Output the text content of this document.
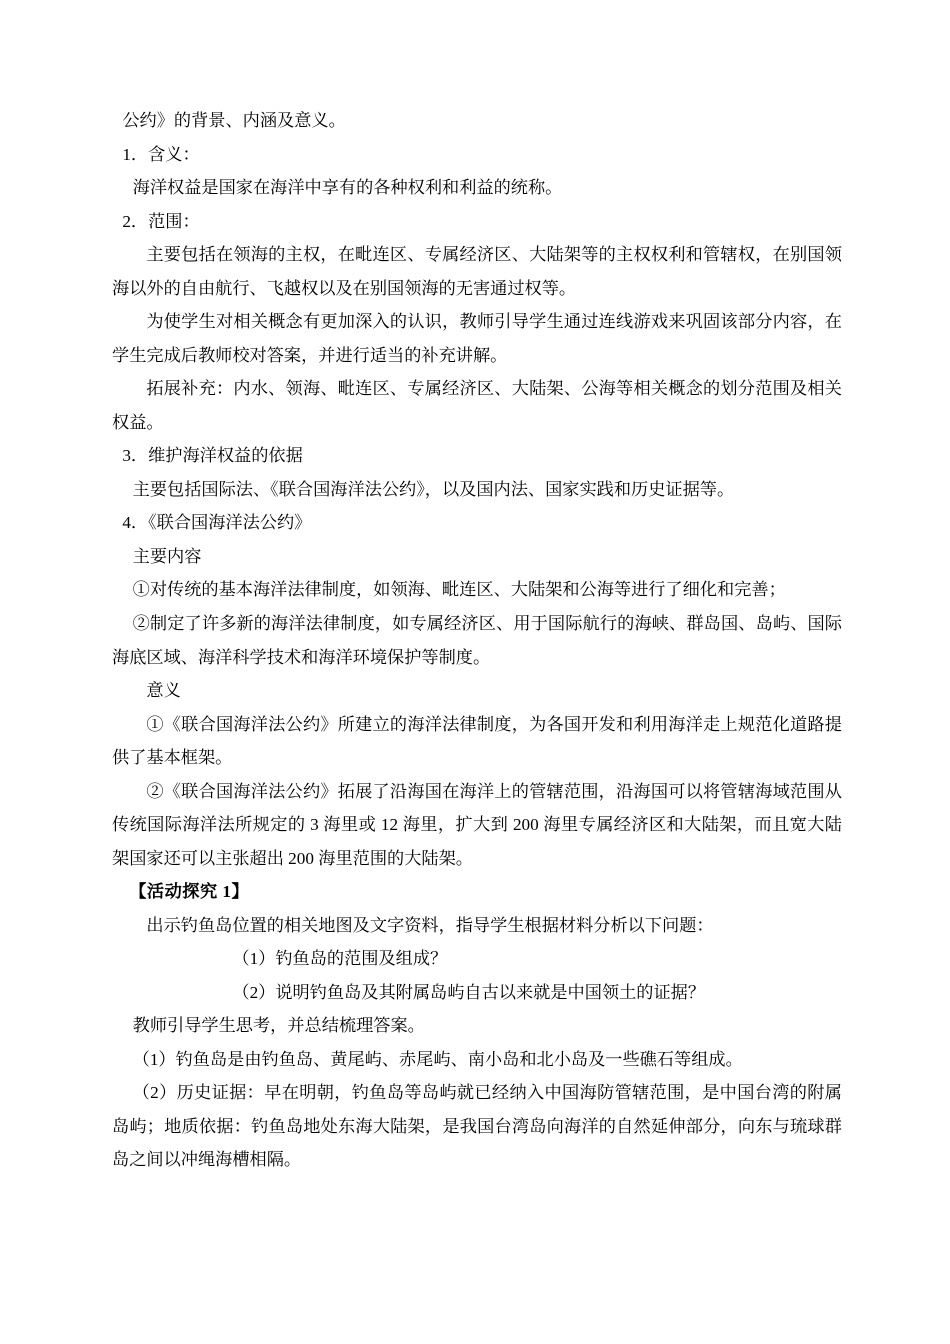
公约》的背景、内涵及意义。

1．含义：

海洋权益是国家在海洋中享有的各种权利和利益的统称。

2．范围：

主要包括在领海的主权，在毗连区、专属经济区、大陆架等的主权权利和管辖权，在别国领海以外的自由航行、飞越权以及在别国领海的无害通过权等。

为使学生对相关概念有更加深入的认识，教师引导学生通过连线游戏来巩固该部分内容，在学生完成后教师校对答案，并进行适当的补充讲解。

拓展补充：内水、领海、毗连区、专属经济区、大陆架、公海等相关概念的划分范围及相关权益。

3．维护海洋权益的依据

主要包括国际法、《联合国海洋法公约》，以及国内法、国家实践和历史证据等。

4．《联合国海洋法公约》

主要内容

①对传统的基本海洋法律制度，如领海、毗连区、大陆架和公海等进行了细化和完善；

②制定了许多新的海洋法律制度，如专属经济区、用于国际航行的海峡、群岛国、岛屿、国际海底区域、海洋科学技术和海洋环境保护等制度。

意义

①《联合国海洋法公约》所建立的海洋法律制度，为各国开发和利用海洋走上规范化道路提供了基本框架。

②《联合国海洋法公约》拓展了沿海国在海洋上的管辖范围，沿海国可以将管辖海域范围从传统国际海洋法所规定的 3 海里或 12 海里，扩大到 200 海里专属经济区和大陆架，而且宽大陆架国家还可以主张超出 200 海里范围的大陆架。

【活动探究 1】

出示钓鱼岛位置的相关地图及文字资料，指导学生根据材料分析以下问题：

（1）钓鱼岛的范围及组成？

（2）说明钓鱼岛及其附属岛屿自古以来就是中国领土的证据？

教师引导学生思考，并总结梳理答案。

（1）钓鱼岛是由钓鱼岛、黄尾屿、赤尾屿、南小岛和北小岛及一些礁石等组成。

（2）历史证据：早在明朝，钓鱼岛等岛屿就已经纳入中国海防管辖范围，是中国台湾的附属岛屿；地质依据：钓鱼岛地处东海大陆架，是我国台湾岛向海洋的自然延伸部分，向东与琉球群岛之间以冲绳海槽相隔。
